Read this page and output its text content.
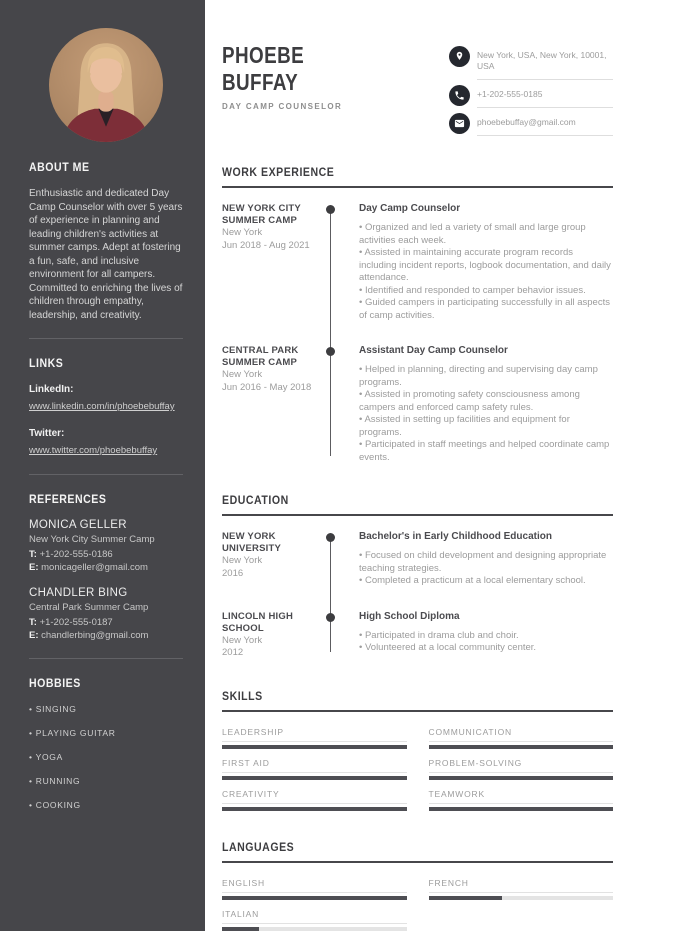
ABOUT ME

Enthusiastic and dedicated Day Camp Counselor with over 5 years of experience in planning and leading children's activities at summer camps. Adept at fostering a fun, safe, and inclusive environment for all campers. Committed to enriching the lives of children through empathy, leadership, and creativity.

LINKS
LinkedIn:
www.linkedin.com/in/phoebebuffay
Twitter:
www.twitter.com/phoebebuffay
REFERENCES
MONICA GELLER
New York City Summer Camp
T: +1-202-555-0186
E: monicageller@gmail.com
CHANDLER BING
Central Park Summer Camp
T: +1-202-555-0187
E: chandlerbing@gmail.com
HOBBIES
• SINGING
• PLAYING GUITAR
• YOGA
• RUNNING
• COOKING
PHOEBE
BUFFAY
DAY CAMP COUNSELOR
New York, USA, New York, 10001, USA
+1-202-555-0185
phoebebuffay@gmail.com
WORK EXPERIENCE
NEW YORK CITY SUMMER CAMP
New York
Jun 2018 - Aug 2021
Day Camp Counselor
• Organized and led a variety of small and large group activities each week.
• Assisted in maintaining accurate program records including incident reports, logbook documentation, and daily attendance.
• Identified and responded to camper behavior issues.
• Guided campers in participating successfully in all aspects of camp activities.
CENTRAL PARK SUMMER CAMP
New York
Jun 2016 - May 2018
Assistant Day Camp Counselor
• Helped in planning, directing and supervising day camp programs.
• Assisted in promoting safety consciousness among campers and enforced camp safety rules.
• Assisted in setting up facilities and equipment for programs.
• Participated in staff meetings and helped coordinate camp events.
EDUCATION
NEW YORK UNIVERSITY
New York
2016
Bachelor's in Early Childhood Education
• Focused on child development and designing appropriate teaching strategies.
• Completed a practicum at a local elementary school.
LINCOLN HIGH SCHOOL
New York
2012
High School Diploma
• Participated in drama club and choir.
• Volunteered at a local community center.
SKILLS
LEADERSHIP	COMMUNICATION
FIRST AID	PROBLEM-SOLVING
CREATIVITY	TEAMWORK
LANGUAGES
ENGLISH	FRENCH
ITALIAN
